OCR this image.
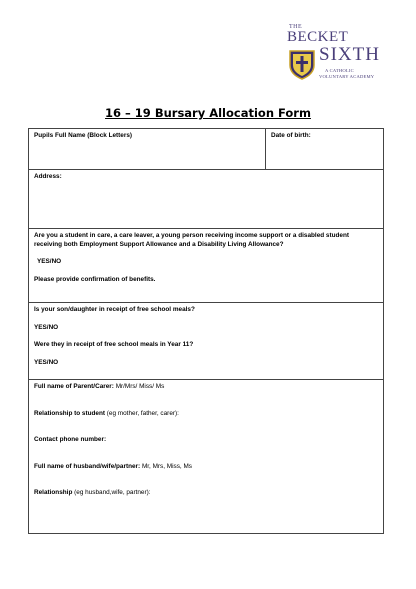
THE
BECKET
SIXTH
A CATHOLIC
VOLUNTARY ACADEMY
16 – 19 Bursary Allocation Form
Pupils Full Name (Block Letters)	Date of birth:
Address:
Are you a student in care, a care leaver, a young person receiving income support or a disabled student receiving both Employment Support Allowance and a Disability Living Allowance?
YES/NO
Please provide confirmation of benefits.
Is your son/daughter in receipt of free school meals?
YES/NO
Were they in receipt of free school meals in Year 11?
YES/NO
Full name of Parent/Carer: Mr/Mrs/ Miss/ Ms
Relationship to student (eg mother, father, carer):
Contact phone number:
Full name of husband/wife/partner: Mr, Mrs, Miss, Ms
Relationship (eg husband,wife, partner):
